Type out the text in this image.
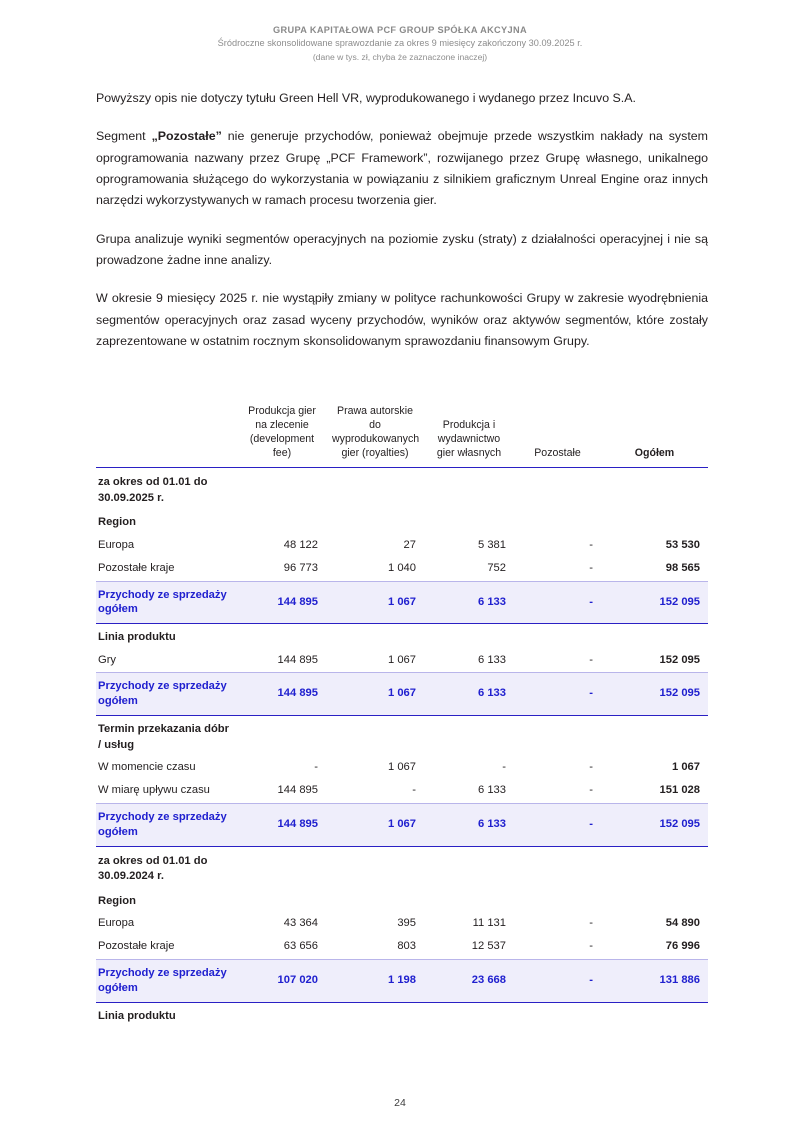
GRUPA KAPITAŁOWA PCF GROUP SPÓŁKA AKCYJNA
Śródroczne skonsolidowane sprawozdanie za okres 9 miesięcy zakończony 30.09.2025 r.
(dane w tys. zł, chyba że zaznaczone inaczej)

Powyższy opis nie dotyczy tytułu Green Hell VR, wyprodukowanego i wydanego przez Incuvo S.A.

Segment „Pozostałe” nie generuje przychodów, ponieważ obejmuje przede wszystkim nakłady na system oprogramowania nazwany przez Grupę „PCF Framework”, rozwijanego przez Grupę własnego, unikalnego oprogramowania służącego do wykorzystania w powiązaniu z silnikiem graficznym Unreal Engine oraz innych narzędzi wykorzystywanych w ramach procesu tworzenia gier.

Grupa analizuje wyniki segmentów operacyjnych na poziomie zysku (straty) z działalności operacyjnej i nie są prowadzone żadne inne analizy.

W okresie 9 miesięcy 2025 r. nie wystąpiły zmiany w polityce rachunkowości Grupy w zakresie wyodrębnienia segmentów operacyjnych oraz zasad wyceny przychodów, wyników oraz aktywów segmentów, które zostały zaprezentowane w ostatnim rocznym skonsolidowanym sprawozdaniu finansowym Grupy.

	Produkcja gier na zlecenie (development fee)	Prawa autorskie do wyprodukowanych gier (royalties)	Produkcja i wydawnictwo gier własnych	Pozostałe	Ogółem
za okres od 01.01 do 30.09.2025 r.					
Region					
Europa	48 122	27	5 381	-	53 530
Pozostałe kraje	96 773	1 040	752	-	98 565
Przychody ze sprzedaży ogółem	144 895	1 067	6 133	-	152 095
Linia produktu					
Gry	144 895	1 067	6 133	-	152 095
Przychody ze sprzedaży ogółem	144 895	1 067	6 133	-	152 095
Termin przekazania dóbr / usług					
W momencie czasu	-	1 067	-	-	1 067
W miarę upływu czasu	144 895	-	6 133	-	151 028
Przychody ze sprzedaży ogółem	144 895	1 067	6 133	-	152 095
za okres od 01.01 do 30.09.2024 r.					
Region					
Europa	43 364	395	11 131	-	54 890
Pozostałe kraje	63 656	803	12 537	-	76 996
Przychody ze sprzedaży ogółem	107 020	1 198	23 668	-	131 886
Linia produktu					
24
